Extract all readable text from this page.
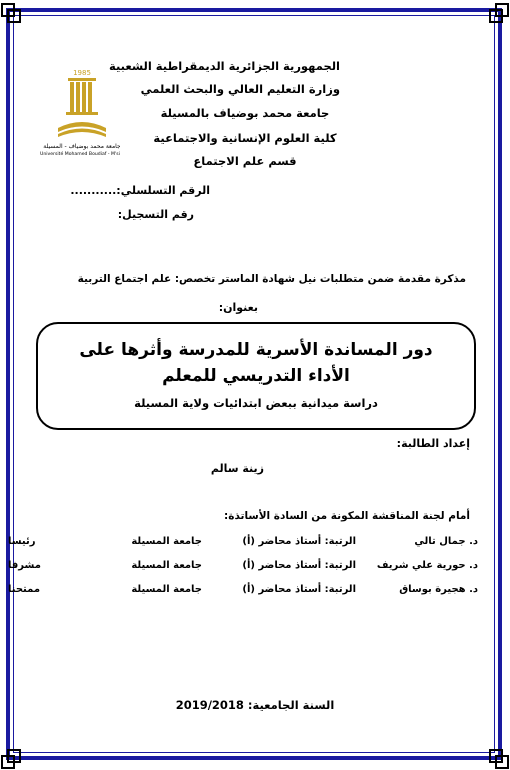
الجمهورية الجزائرية الديمقراطية الشعبية
وزارة التعليم العالي والبحث العلمي
جامعة محمد بوضياف بالمسيلة
كلية العلوم الإنسانية والاجتماعية
قسم علم الاجتماع
1985
جامعة محمد بوضياف - المسيلة
Université Mohamed Boudiaf - M'sila
الرقم التسلسلي:...........
رقم التسجيل:
مذكرة مقدمة ضمن متطلبات نيل شهادة الماستر تخصص: علم اجتماع التربية
بعنوان:
دور المساندة الأسرية للمدرسة وأثرها على
الأداء التدريسي للمعلم
دراسة ميدانية ببعض ابتدائيات ولاية المسيلة
إعداد الطالبة:
زينة سالم
أمام لجنة المناقشة المكونة من السادة الأساتذة:
د. جمال تالي
الرتبة: أستاذ محاضر (أ)
جامعة المسيلة
رئيسا
د. حورية علي شريف
الرتبة: أستاذ محاضر (أ)
جامعة المسيلة
مشرفا
د. هجيرة بوساق
الرتبة: أستاذ محاضر (أ)
جامعة المسيلة
ممتحنا
السنة الجامعية: 2019/2018
